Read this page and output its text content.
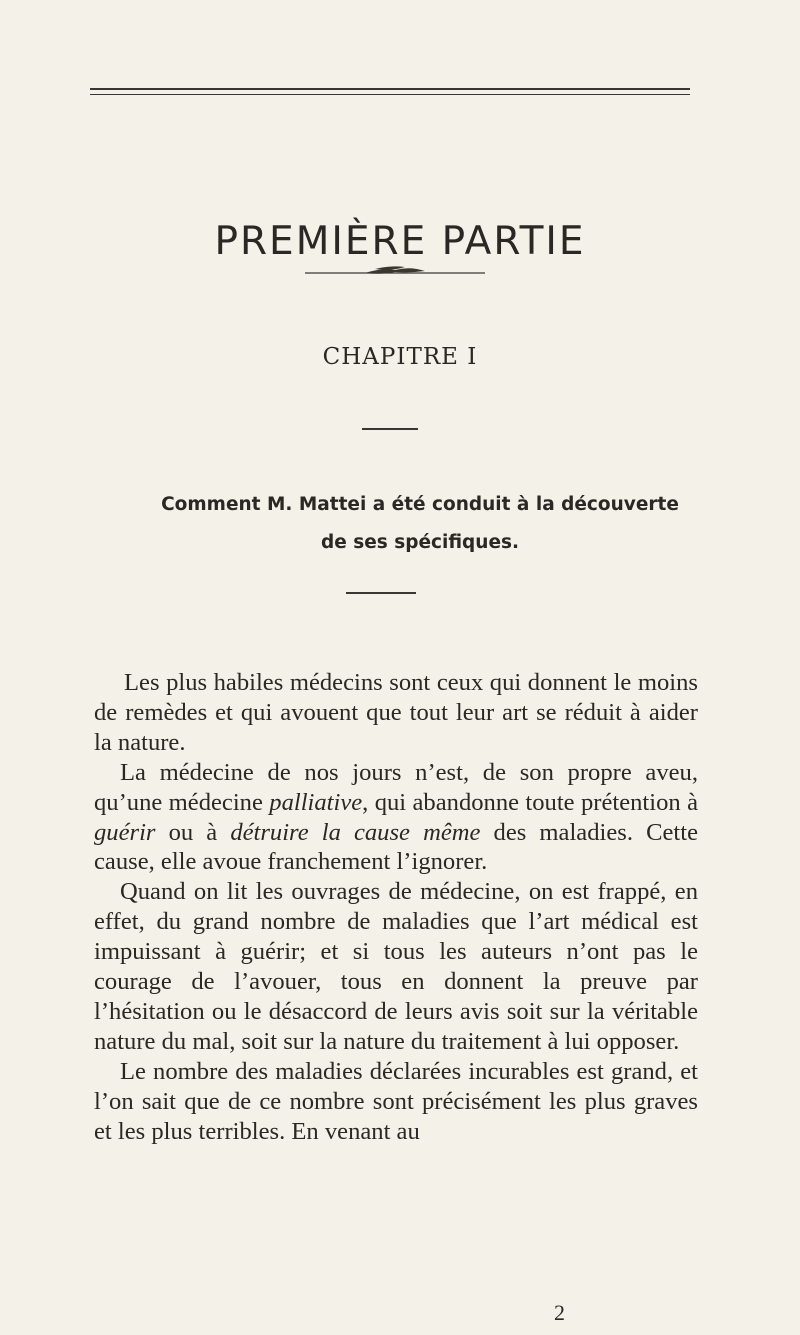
PREMIÈRE PARTIE
CHAPITRE I
Comment M. Mattei a été conduit à la découverte
de ses spécifiques.

Les plus habiles médecins sont ceux qui donnent le moins de remèdes et qui avouent que tout leur art se réduit à aider la nature.

La médecine de nos jours n’est, de son propre aveu, qu’une médecine palliative, qui abandonne toute prétention à guérir ou à détruire la cause même des maladies. Cette cause, elle avoue franchement l’ignorer.

Quand on lit les ouvrages de médecine, on est frappé, en effet, du grand nombre de maladies que l’art médical est impuissant à guérir; et si tous les auteurs n’ont pas le courage de l’avouer, tous en donnent la preuve par l’hésitation ou le désaccord de leurs avis soit sur la véritable nature du mal, soit sur la nature du traitement à lui opposer.

Le nombre des maladies déclarées incurables est grand, et l’on sait que de ce nombre sont précisément les plus graves et les plus terribles. En venant au

2
